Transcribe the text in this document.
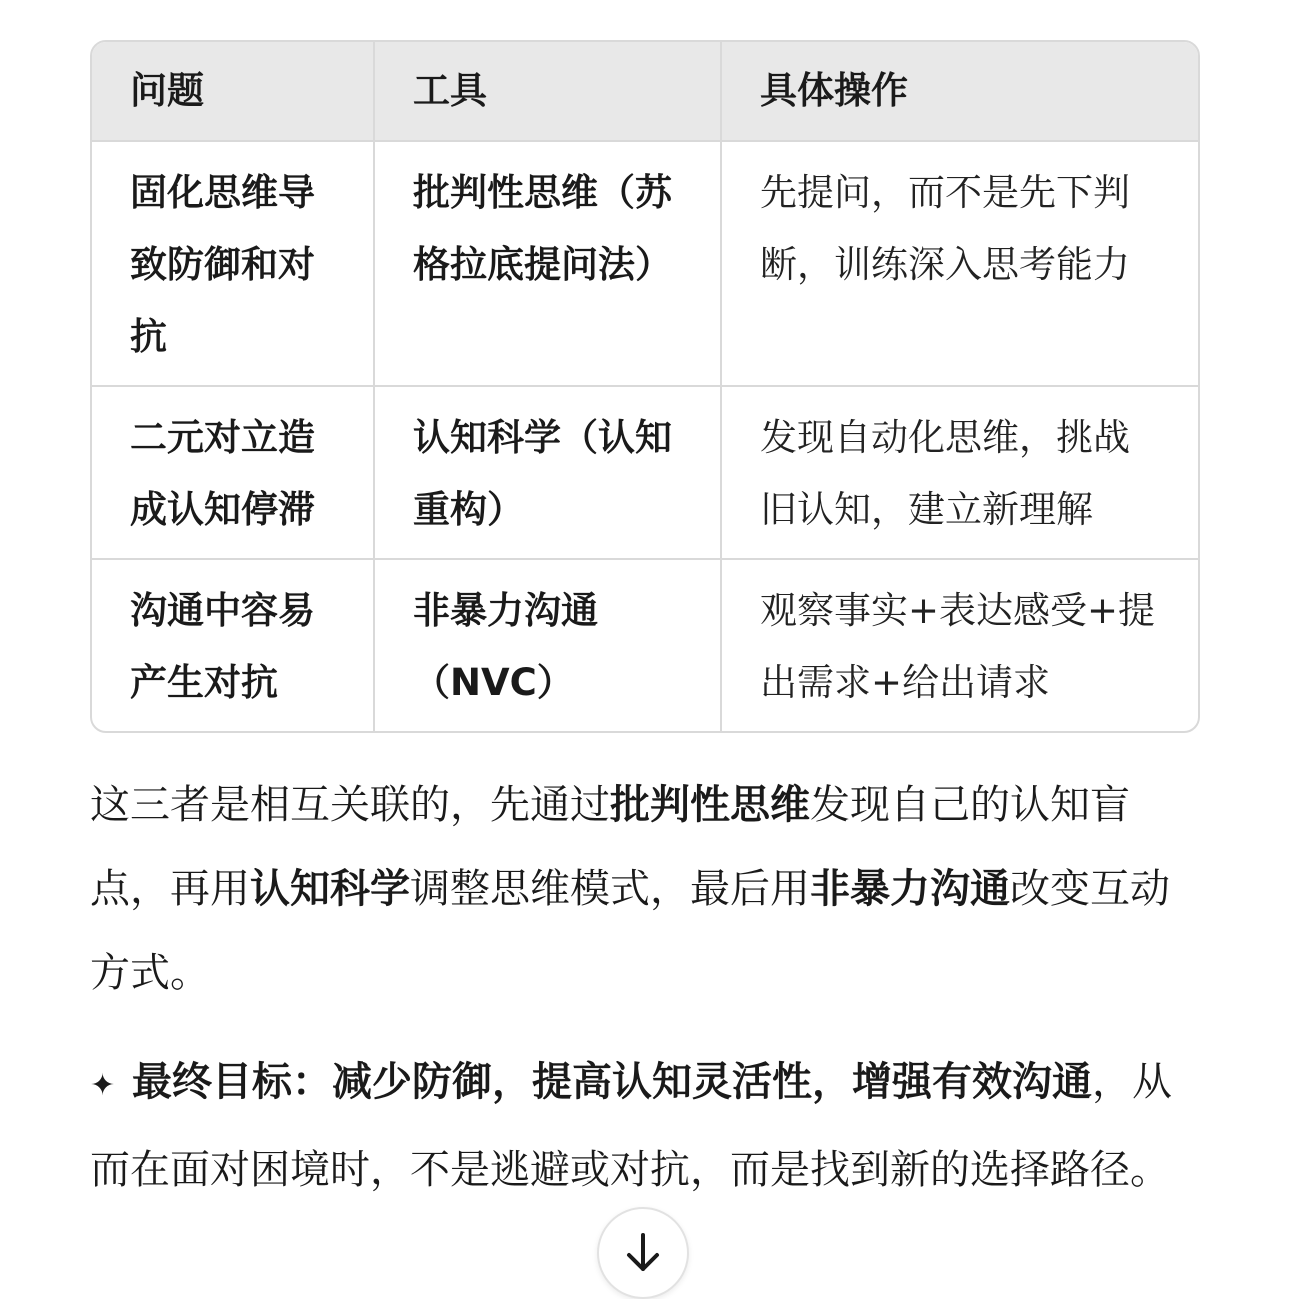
问题	工具	具体操作
固化思维导致防御和对抗	批判性思维（苏格拉底提问法）	先提问，而不是先下判断，训练深入思考能力
二元对立造成认知停滞	认知科学（认知重构）	发现自动化思维，挑战旧认知，建立新理解
沟通中容易产生对抗	非暴力沟通（NVC）	观察事实+表达感受+提出需求+给出请求

这三者是相互关联的，先通过批判性思维发现自己的认知盲点，再用认知科学调整思维模式，最后用非暴力沟通改变互动方式。

✦ 最终目标：减少防御，提高认知灵活性，增强有效沟通，从而在面对困境时，不是逃避或对抗，而是找到新的选择路径。
